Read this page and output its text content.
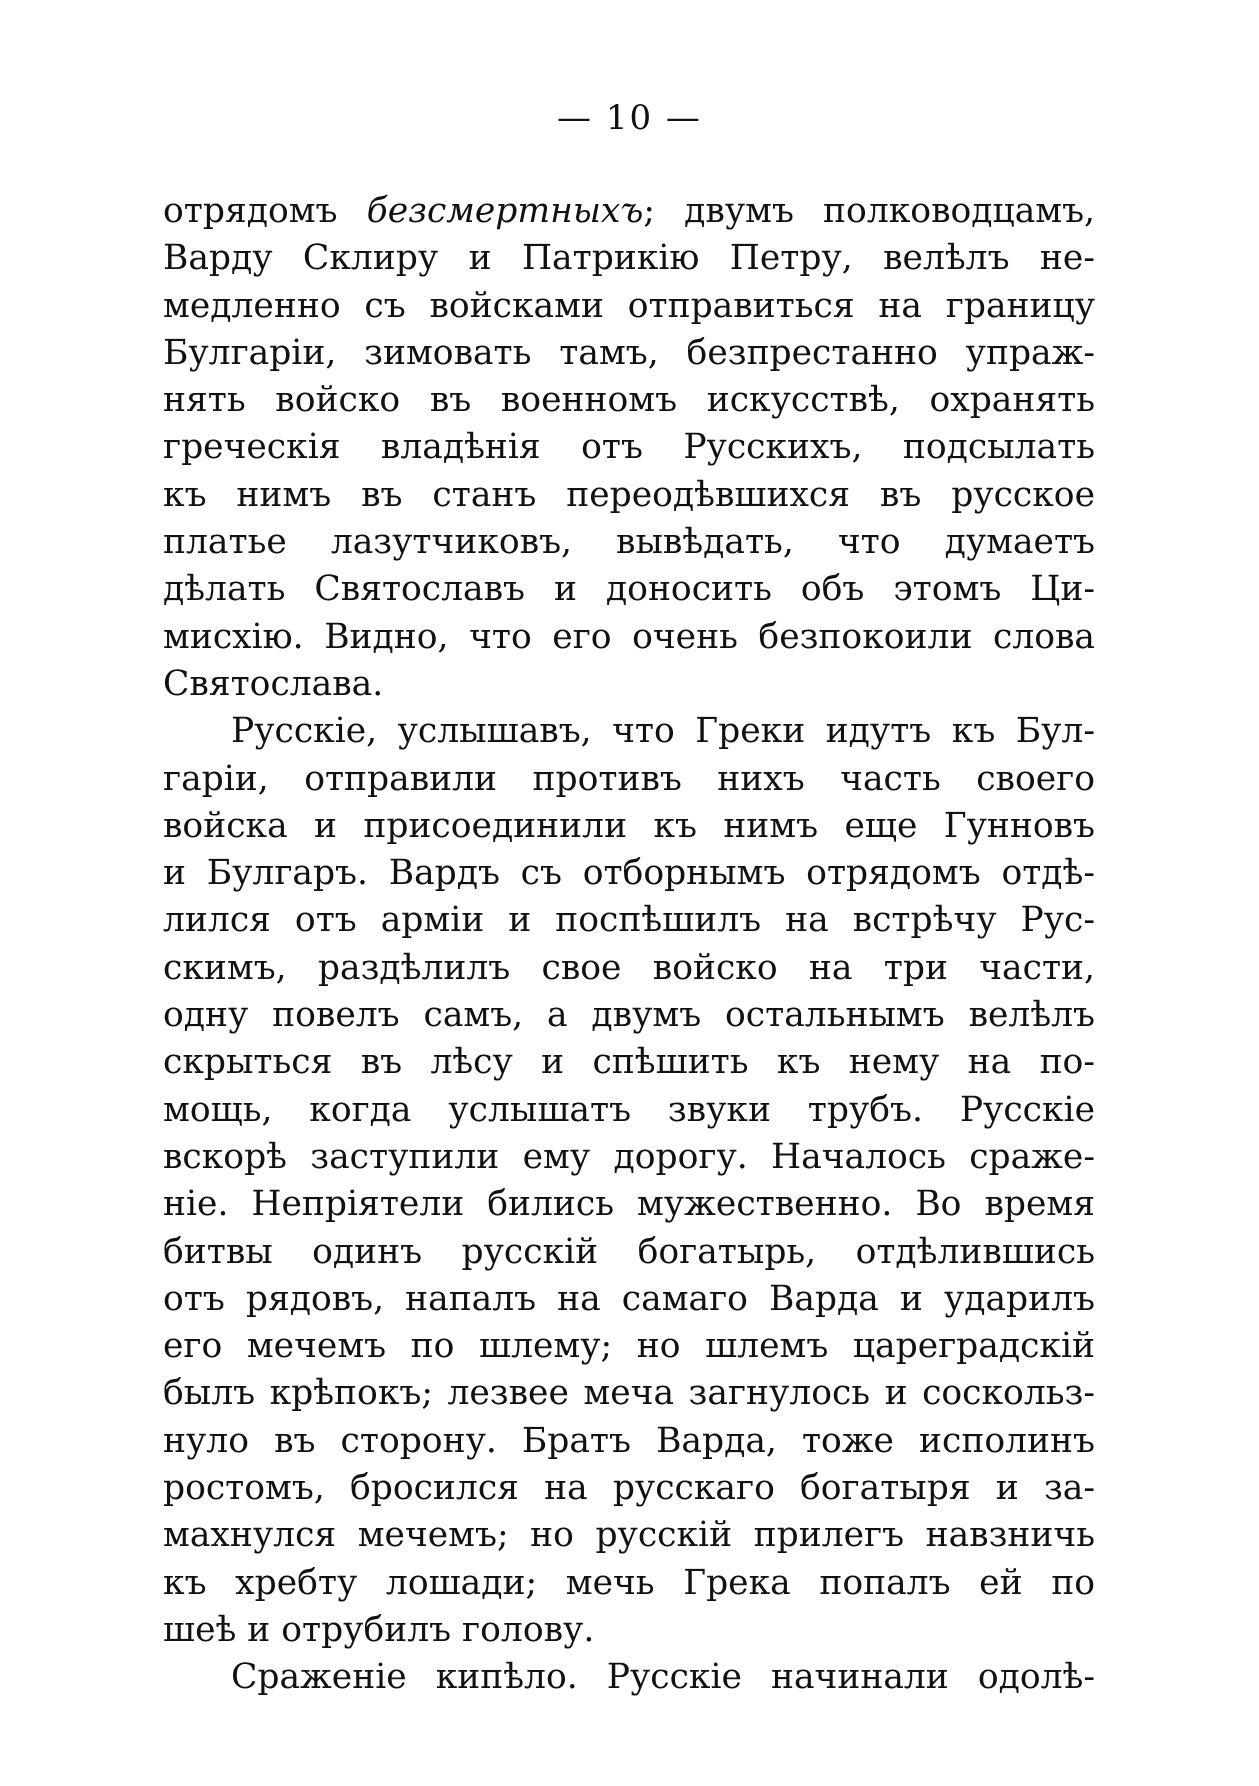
— 10 —
отрядомъ безсмертныхъ; двумъ полководцамъ,
Варду Склиру и Патрикію Петру, велѣлъ не-
медленно съ войсками отправиться на границу
Булгаріи, зимовать тамъ, безпрестанно упраж-
нять войско въ военномъ искусствѣ, охранять
греческія владѣнія отъ Русскихъ, подсылать
къ нимъ въ станъ переодѣвшихся въ русское
платье лазутчиковъ, вывѣдать, что думаетъ
дѣлать Святославъ и доносить объ этомъ Ци-
мисхію. Видно, что его очень безпокоили слова
Святослава.
Русскіе, услышавъ, что Греки идутъ къ Бул-
гаріи, отправили противъ нихъ часть своего
войска и присоединили къ нимъ еще Гунновъ
и Булгаръ. Вардъ съ отборнымъ отрядомъ отдѣ-
лился отъ арміи и поспѣшилъ на встрѣчу Рус-
скимъ, раздѣлилъ свое войско на три части,
одну повелъ самъ, а двумъ остальнымъ велѣлъ
скрыться въ лѣсу и спѣшить къ нему на по-
мощь, когда услышатъ звуки трубъ. Русскіе
вскорѣ заступили ему дорогу. Началось сраже-
ніе. Непріятели бились мужественно. Во время
битвы одинъ русскій богатырь, отдѣлившись
отъ рядовъ, напалъ на самаго Варда и ударилъ
его мечемъ по шлему; но шлемъ цареградскій
былъ крѣпокъ; лезвее меча загнулось и соскольз-
нуло въ сторону. Братъ Варда, тоже исполинъ
ростомъ, бросился на русскаго богатыря и за-
махнулся мечемъ; но русскій прилегъ навзничь
къ хребту лошади; мечь Грека попалъ ей по
шеѣ и отрубилъ голову.
Сраженіе кипѣло. Русскіе начинали одолѣ-
